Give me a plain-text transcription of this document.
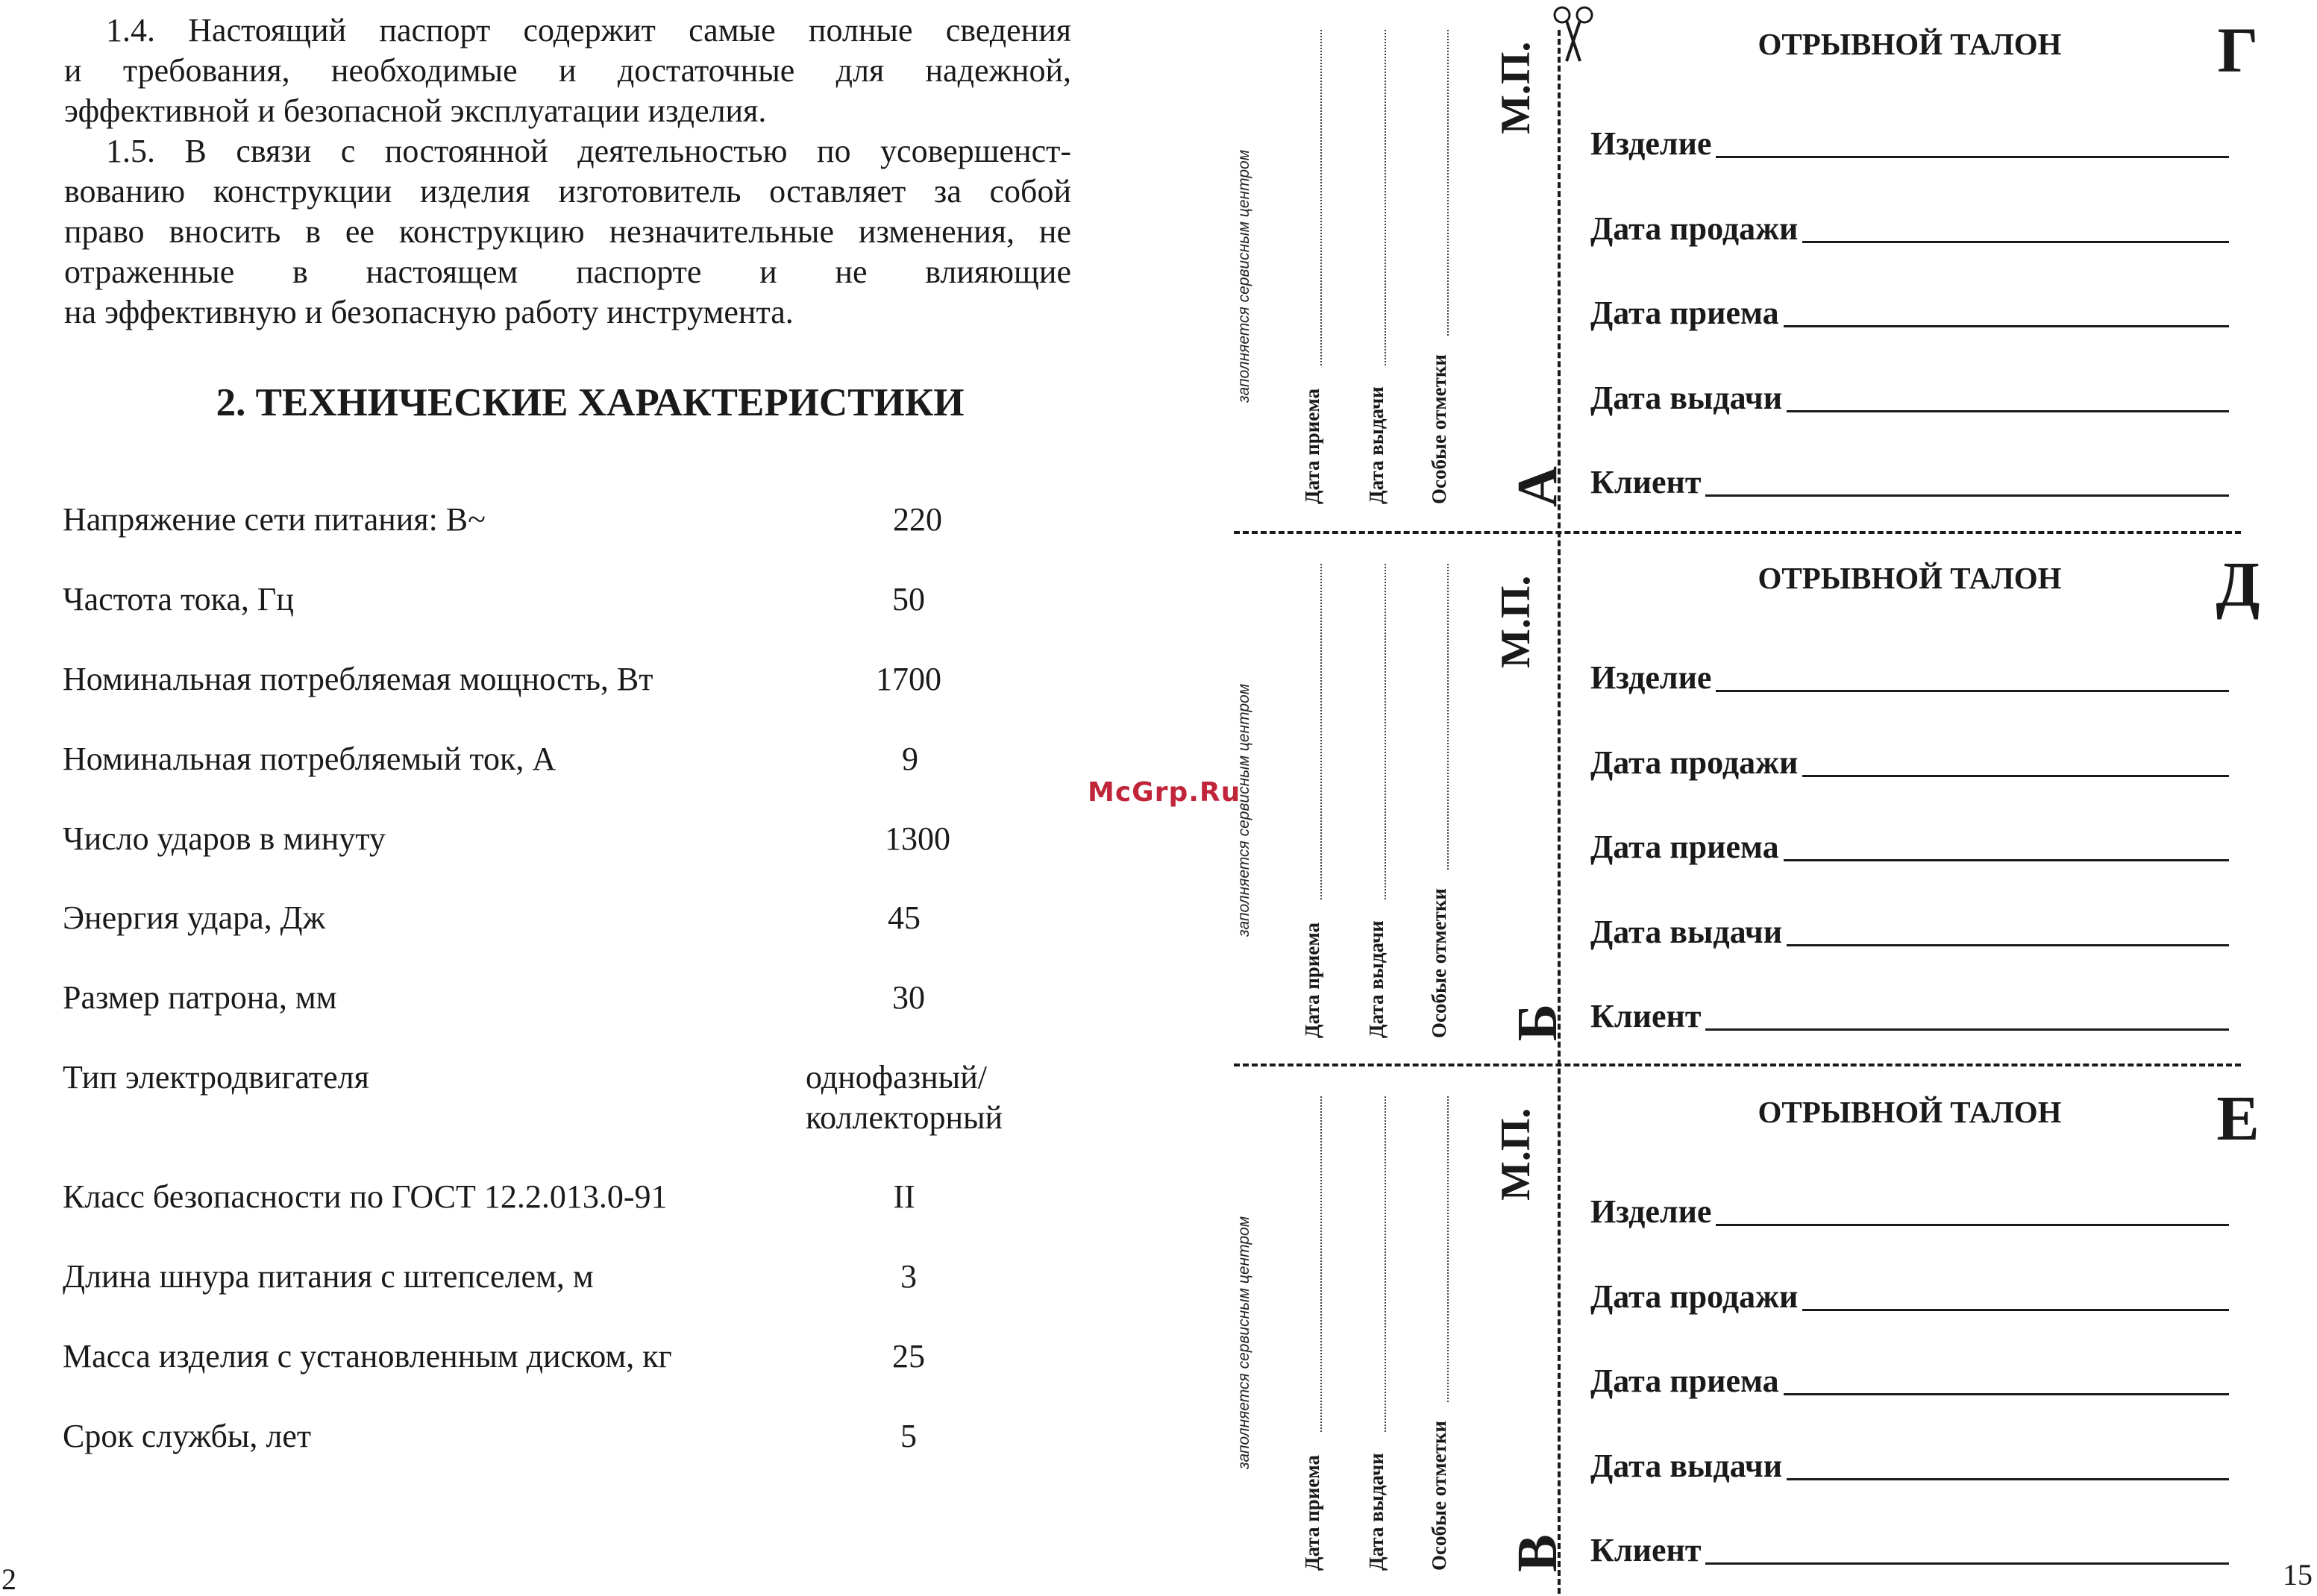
1.4. Настоящий паспорт содержит самые полные сведения
и требования, необходимые и достаточные для надежной,
эффективной и безопасной эксплуатации изделия.
1.5. В связи с постоянной деятельностью по усовершенст-
вованию конструкции изделия изготовитель оставляет за собой
право вносить в ее конструкцию незначительные изменения, не
отраженные в настоящем паспорте и не влияющие
на эффективную и безопасную работу инструмента.
2. ТЕХНИЧЕСКИЕ ХАРАКТЕРИСТИКИ
Напряжение сети питания: В~	220
Частота тока, Гц	50
Номинальная потребляемая мощность, Вт	1700
Номинальная потребляемый ток, А	9
Число ударов в минуту	1300
Энергия удара, Дж	45
Размер патрона, мм	30
Тип электродвигателя	однофазный/
коллекторный
Класс безопасности по ГОСТ 12.2.013.0-91	II
Длина шнура питания с штепселем, м	3
Масса изделия с установленным диском, кг	25
Срок службы, лет	5
2
McGrp.Ru
заполняется сервисным центром
Дата приема Дата выдачи Особые отметки
М.П.
А
ОТРЫВНОЙ ТАЛОН	Г
Изделие
Дата продажи
Дата приема
Дата выдачи
Клиент
заполняется сервисным центром
Дата приема Дата выдачи Особые отметки
М.П.
Б
ОТРЫВНОЙ ТАЛОН	Д
Изделие
Дата продажи
Дата приема
Дата выдачи
Клиент
заполняется сервисным центром
Дата приема Дата выдачи Особые отметки
М.П.
В
ОТРЫВНОЙ ТАЛОН	Е
Изделие
Дата продажи
Дата приема
Дата выдачи
Клиент
15
